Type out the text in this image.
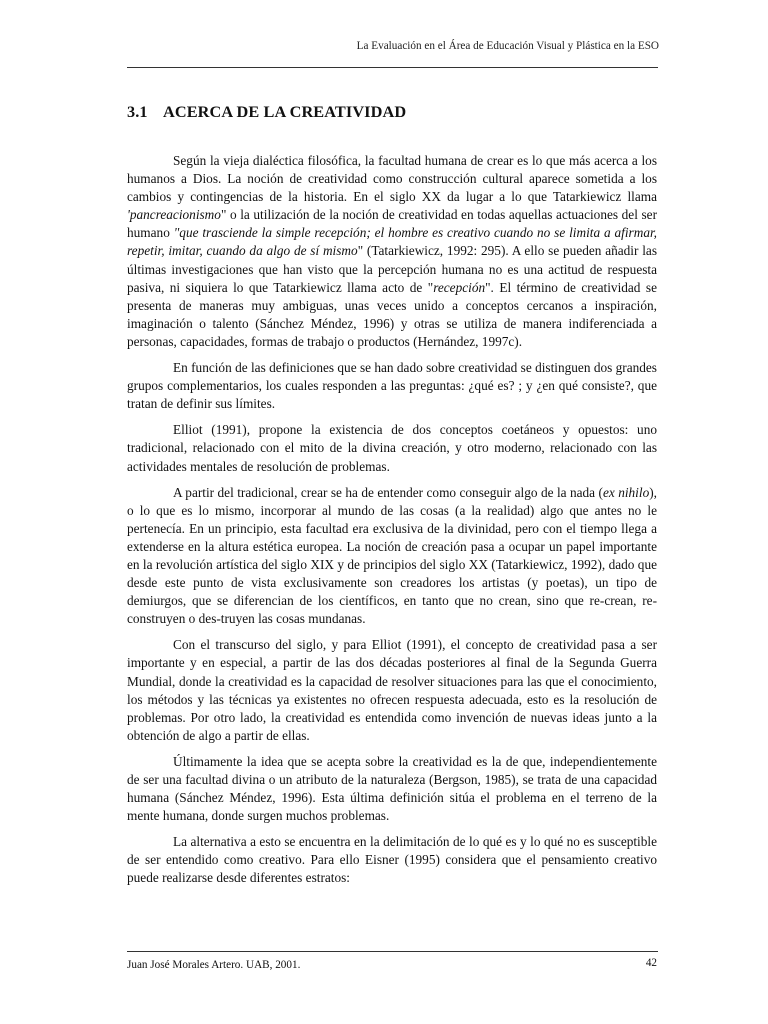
La Evaluación en el Área de Educación Visual y Plástica en la ESO
3.1 ACERCA DE LA CREATIVIDAD

Según la vieja dialéctica filosófica, la facultad humana de crear es lo que más acerca a los humanos a Dios. La noción de creatividad como construcción cultural aparece sometida a los cambios y contingencias de la historia. En el siglo XX da lugar a lo que Tatarkiewicz llama 'pancreacionismo" o la utilización de la noción de creatividad en todas aquellas actuaciones del ser humano "que trasciende la simple recepción; el hombre es creativo cuando no se limita a afirmar, repetir, imitar, cuando da algo de sí mismo" (Tatarkiewicz, 1992: 295). A ello se pueden añadir las últimas investigaciones que han visto que la percepción humana no es una actitud de respuesta pasiva, ni siquiera lo que Tatarkiewicz llama acto de "recepción". El término de creatividad se presenta de maneras muy ambiguas, unas veces unido a conceptos cercanos a inspiración, imaginación o talento (Sánchez Méndez, 1996) y otras se utiliza de manera indiferenciada a personas, capacidades, formas de trabajo o productos (Hernández, 1997c).

En función de las definiciones que se han dado sobre creatividad se distinguen dos grandes grupos complementarios, los cuales responden a las preguntas: ¿qué es? ; y ¿en qué consiste?, que tratan de definir sus límites.

Elliot (1991), propone la existencia de dos conceptos coetáneos y opuestos: uno tradicional, relacionado con el mito de la divina creación, y otro moderno, relacionado con las actividades mentales de resolución de problemas.

A partir del tradicional, crear se ha de entender como conseguir algo de la nada (ex nihilo), o lo que es lo mismo, incorporar al mundo de las cosas (a la realidad) algo que antes no le pertenecía. En un principio, esta facultad era exclusiva de la divinidad, pero con el tiempo llega a extenderse en la altura estética europea. La noción de creación pasa a ocupar un papel importante en la revolución artística del siglo XIX y de principios del siglo XX (Tatarkiewicz, 1992), dado que desde este punto de vista exclusivamente son creadores los artistas (y poetas), un tipo de demiurgos, que se diferencian de los científicos, en tanto que no crean, sino que re-crean, re-construyen o des-truyen las cosas mundanas.

Con el transcurso del siglo, y para Elliot (1991), el concepto de creatividad pasa a ser importante y en especial, a partir de las dos décadas posteriores al final de la Segunda Guerra Mundial, donde la creatividad es la capacidad de resolver situaciones para las que el conocimiento, los métodos y las técnicas ya existentes no ofrecen respuesta adecuada, esto es la resolución de problemas. Por otro lado, la creatividad es entendida como invención de nuevas ideas junto a la obtención de algo a partir de ellas.

Últimamente la idea que se acepta sobre la creatividad es la de que, independientemente de ser una facultad divina o un atributo de la naturaleza (Bergson, 1985), se trata de una capacidad humana (Sánchez Méndez, 1996). Esta última definición sitúa el problema en el terreno de la mente humana, donde surgen muchos problemas.

La alternativa a esto se encuentra en la delimitación de lo qué es y lo qué no es susceptible de ser entendido como creativo. Para ello Eisner (1995) considera que el pensamiento creativo puede realizarse desde diferentes estratos:

Juan José Morales Artero. UAB, 2001.	42
